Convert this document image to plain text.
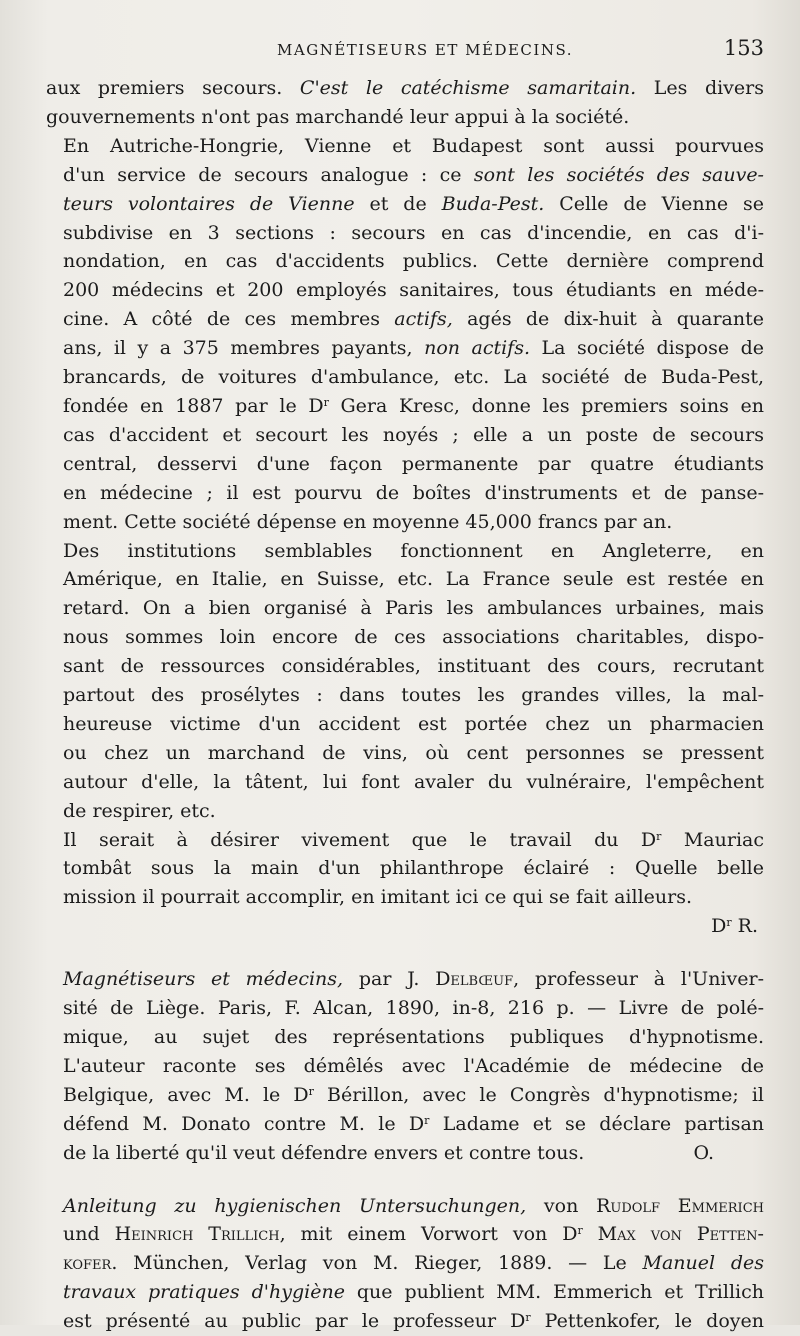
MAGNÉTISEURS ET MÉDECINS.	153

aux premiers secours. C'est le catéchisme samaritain. Les divers
gouvernements n'ont pas marchandé leur appui à la société.

En Autriche-Hongrie, Vienne et Budapest sont aussi pourvues
d'un service de secours analogue : ce sont les sociétés des sauve-
teurs volontaires de Vienne et de Buda-Pest. Celle de Vienne se
subdivise en 3 sections : secours en cas d'incendie, en cas d'i-
nondation, en cas d'accidents publics. Cette dernière comprend
200 médecins et 200 employés sanitaires, tous étudiants en méde-
cine. A côté de ces membres actifs, agés de dix-huit à quarante
ans, il y a 375 membres payants, non actifs. La société dispose de
brancards, de voitures d'ambulance, etc. La société de Buda-Pest,
fondée en 1887 par le $D^r$ Gera Kresc, donne les premiers soins en
cas d'accident et secourt les noyés ; elle a un poste de secours
central, desservi d'une façon permanente par quatre étudiants
en médecine ; il est pourvu de boîtes d'instruments et de panse-
ment. Cette société dépense en moyenne 45,000 francs par an.

Des institutions semblables fonctionnent en Angleterre, en
Amérique, en Italie, en Suisse, etc. La France seule est restée en
retard. On a bien organisé à Paris les ambulances urbaines, mais
nous sommes loin encore de ces associations charitables, dispo-
sant de ressources considérables, instituant des cours, recrutant
partout des prosélytes : dans toutes les grandes villes, la mal-
heureuse victime d'un accident est portée chez un pharmacien
ou chez un marchand de vins, où cent personnes se pressent
autour d'elle, la tâtent, lui font avaler du vulnéraire, l'empêchent
de respirer, etc.

Il serait à désirer vivement que le travail du $D^r$ Mauriac
tombât sous la main d'un philanthrope éclairé : Quelle belle
mission il pourrait accomplir, en imitant ici ce qui se fait ailleurs.

$D^r$ R.

Magnétiseurs et médecins, par J. Delbœuf, professeur à l'Univer-
sité de Liège. Paris, F. Alcan, 1890, in-8, 216 p. — Livre de polé-
mique, au sujet des représentations publiques d'hypnotisme.
L'auteur raconte ses démêlés avec l'Académie de médecine de
Belgique, avec M. le $D^r$ Bérillon, avec le Congrès d'hypnotisme; il
défend M. Donato contre M. le $D^r$ Ladame et se déclare partisan
de la liberté qu'il veut défendre envers et contre tous.	O.

Anleitung zu hygienischen Untersuchungen, von Rudolf Emmerich
und Heinrich Trillich, mit einem Vorwort von $D^r$ Max von Petten-
kofer. München, Verlag von M. Rieger, 1889. — Le Manuel des
travaux pratiques d'hygiène que publient MM. Emmerich et Trillich
est présenté au public par le professeur $D^r$ Pettenkofer, le doyen
